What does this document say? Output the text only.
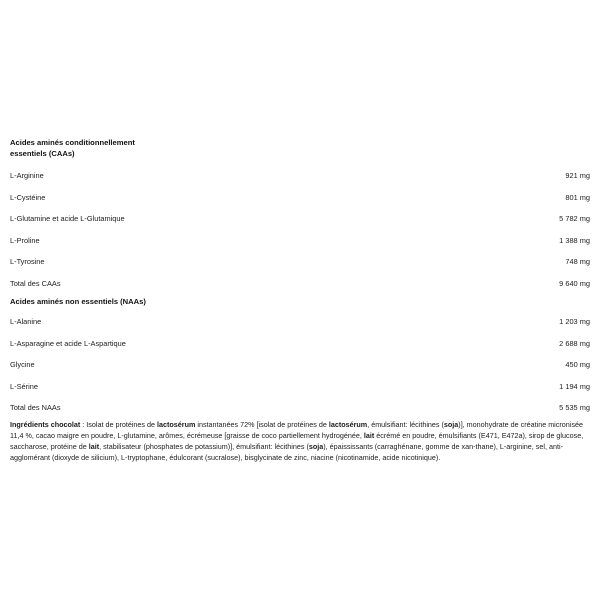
Acides aminés conditionnellement essentiels (CAAs)

L-Arginine	921 mg
L-Cystéine	801 mg
L-Glutamine et acide L-Glutamique	5 782 mg
L-Proline	1 388 mg
L-Tyrosine	748 mg
Total des CAAs	9 640 mg

Acides aminés non essentiels (NAAs)

L-Alanine	1 203 mg
L-Asparagine et acide L-Aspartique	2 688 mg
Glycine	450 mg
L-Sérine	1 194 mg
Total des NAAs	5 535 mg
Ingrédients chocolat : Isolat de protéines de lactosérum instantanées 72% [isolat de protéines de lactosérum, émulsifiant: lécithines (soja)], monohydrate de créatine micronisée 11,4 %, cacao maigre en poudre, L-glutamine, arômes, écrémeuse [graisse de coco partiellement hydrogénée, lait écrémé en poudre, émulsifiants (E471, E472a), sirop de glucose, saccharose, protéine de lait, stabilisateur (phosphates de potassium)], émulsifiant: lécithines (soja), épaississants (carraghénane, gomme de xan-thane), L-arginine, sel, anti-agglomérant (dioxyde de silicium), L-tryptophane, édulcorant (sucralose), bisglycinate de zinc, niacine (nicotinamide, acide nicotinique).
